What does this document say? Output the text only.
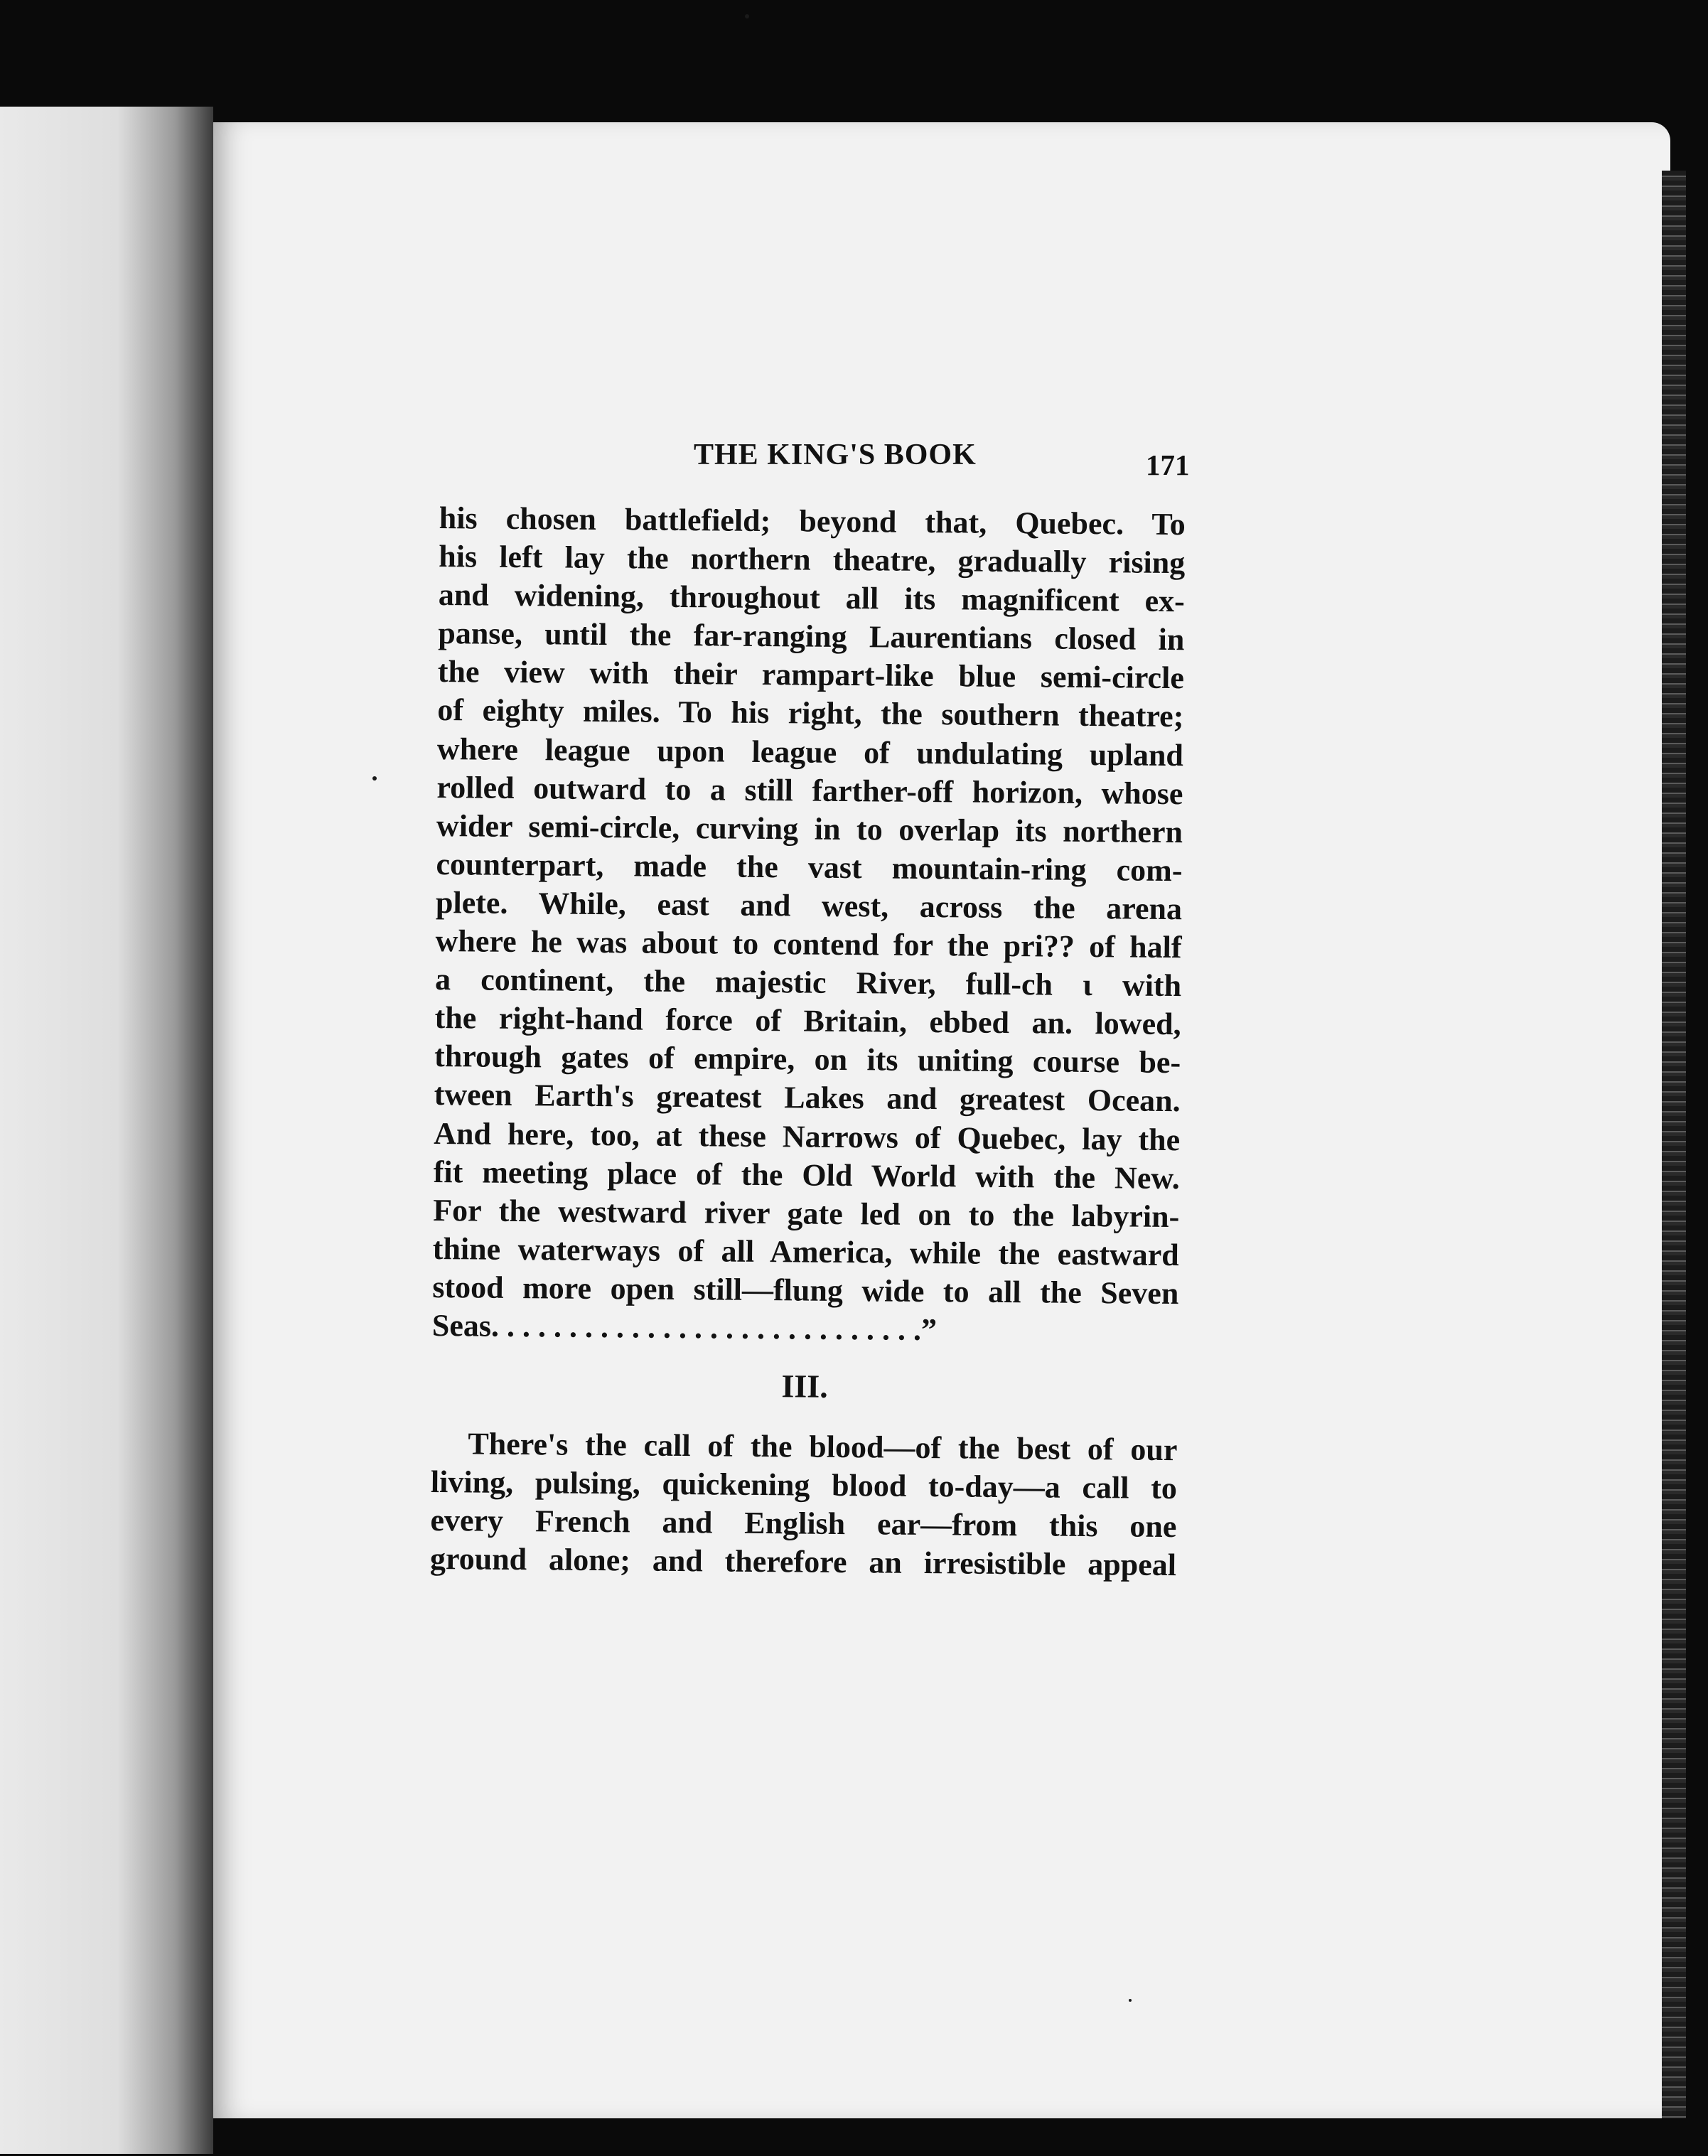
THE KING'S BOOK	171
his chosen battlefield; beyond that, Quebec. To
his left lay the northern theatre, gradually rising
and widening, throughout all its magnificent ex-
panse, until the far-ranging Laurentians closed in
the view with their rampart-like blue semi-circle
of eighty miles. To his right, the southern theatre;
where league upon league of undulating upland
rolled outward to a still farther-off horizon, whose
wider semi-circle, curving in to overlap its northern
counterpart, made the vast mountain-ring com-
plete. While, east and west, across the arena
where he was about to contend for the pri?? of half
a continent, the majestic River, full-ch ι with
the right-hand force of Britain, ebbed an. lowed,
through gates of empire, on its uniting course be-
tween Earth's greatest Lakes and greatest Ocean.
And here, too, at these Narrows of Quebec, lay the
fit meeting place of the Old World with the New.
For the westward river gate led on to the labyrin-
thine waterways of all America, while the eastward
stood more open still—flung wide to all the Seven
Seas. . . . . . . . . . . . . . . . . . . . . . . . . . . .”
III.
There's the call of the blood—of the best of our
living, pulsing, quickening blood to-day—a call to
every French and English ear—from this one
ground alone; and therefore an irresistible appeal
